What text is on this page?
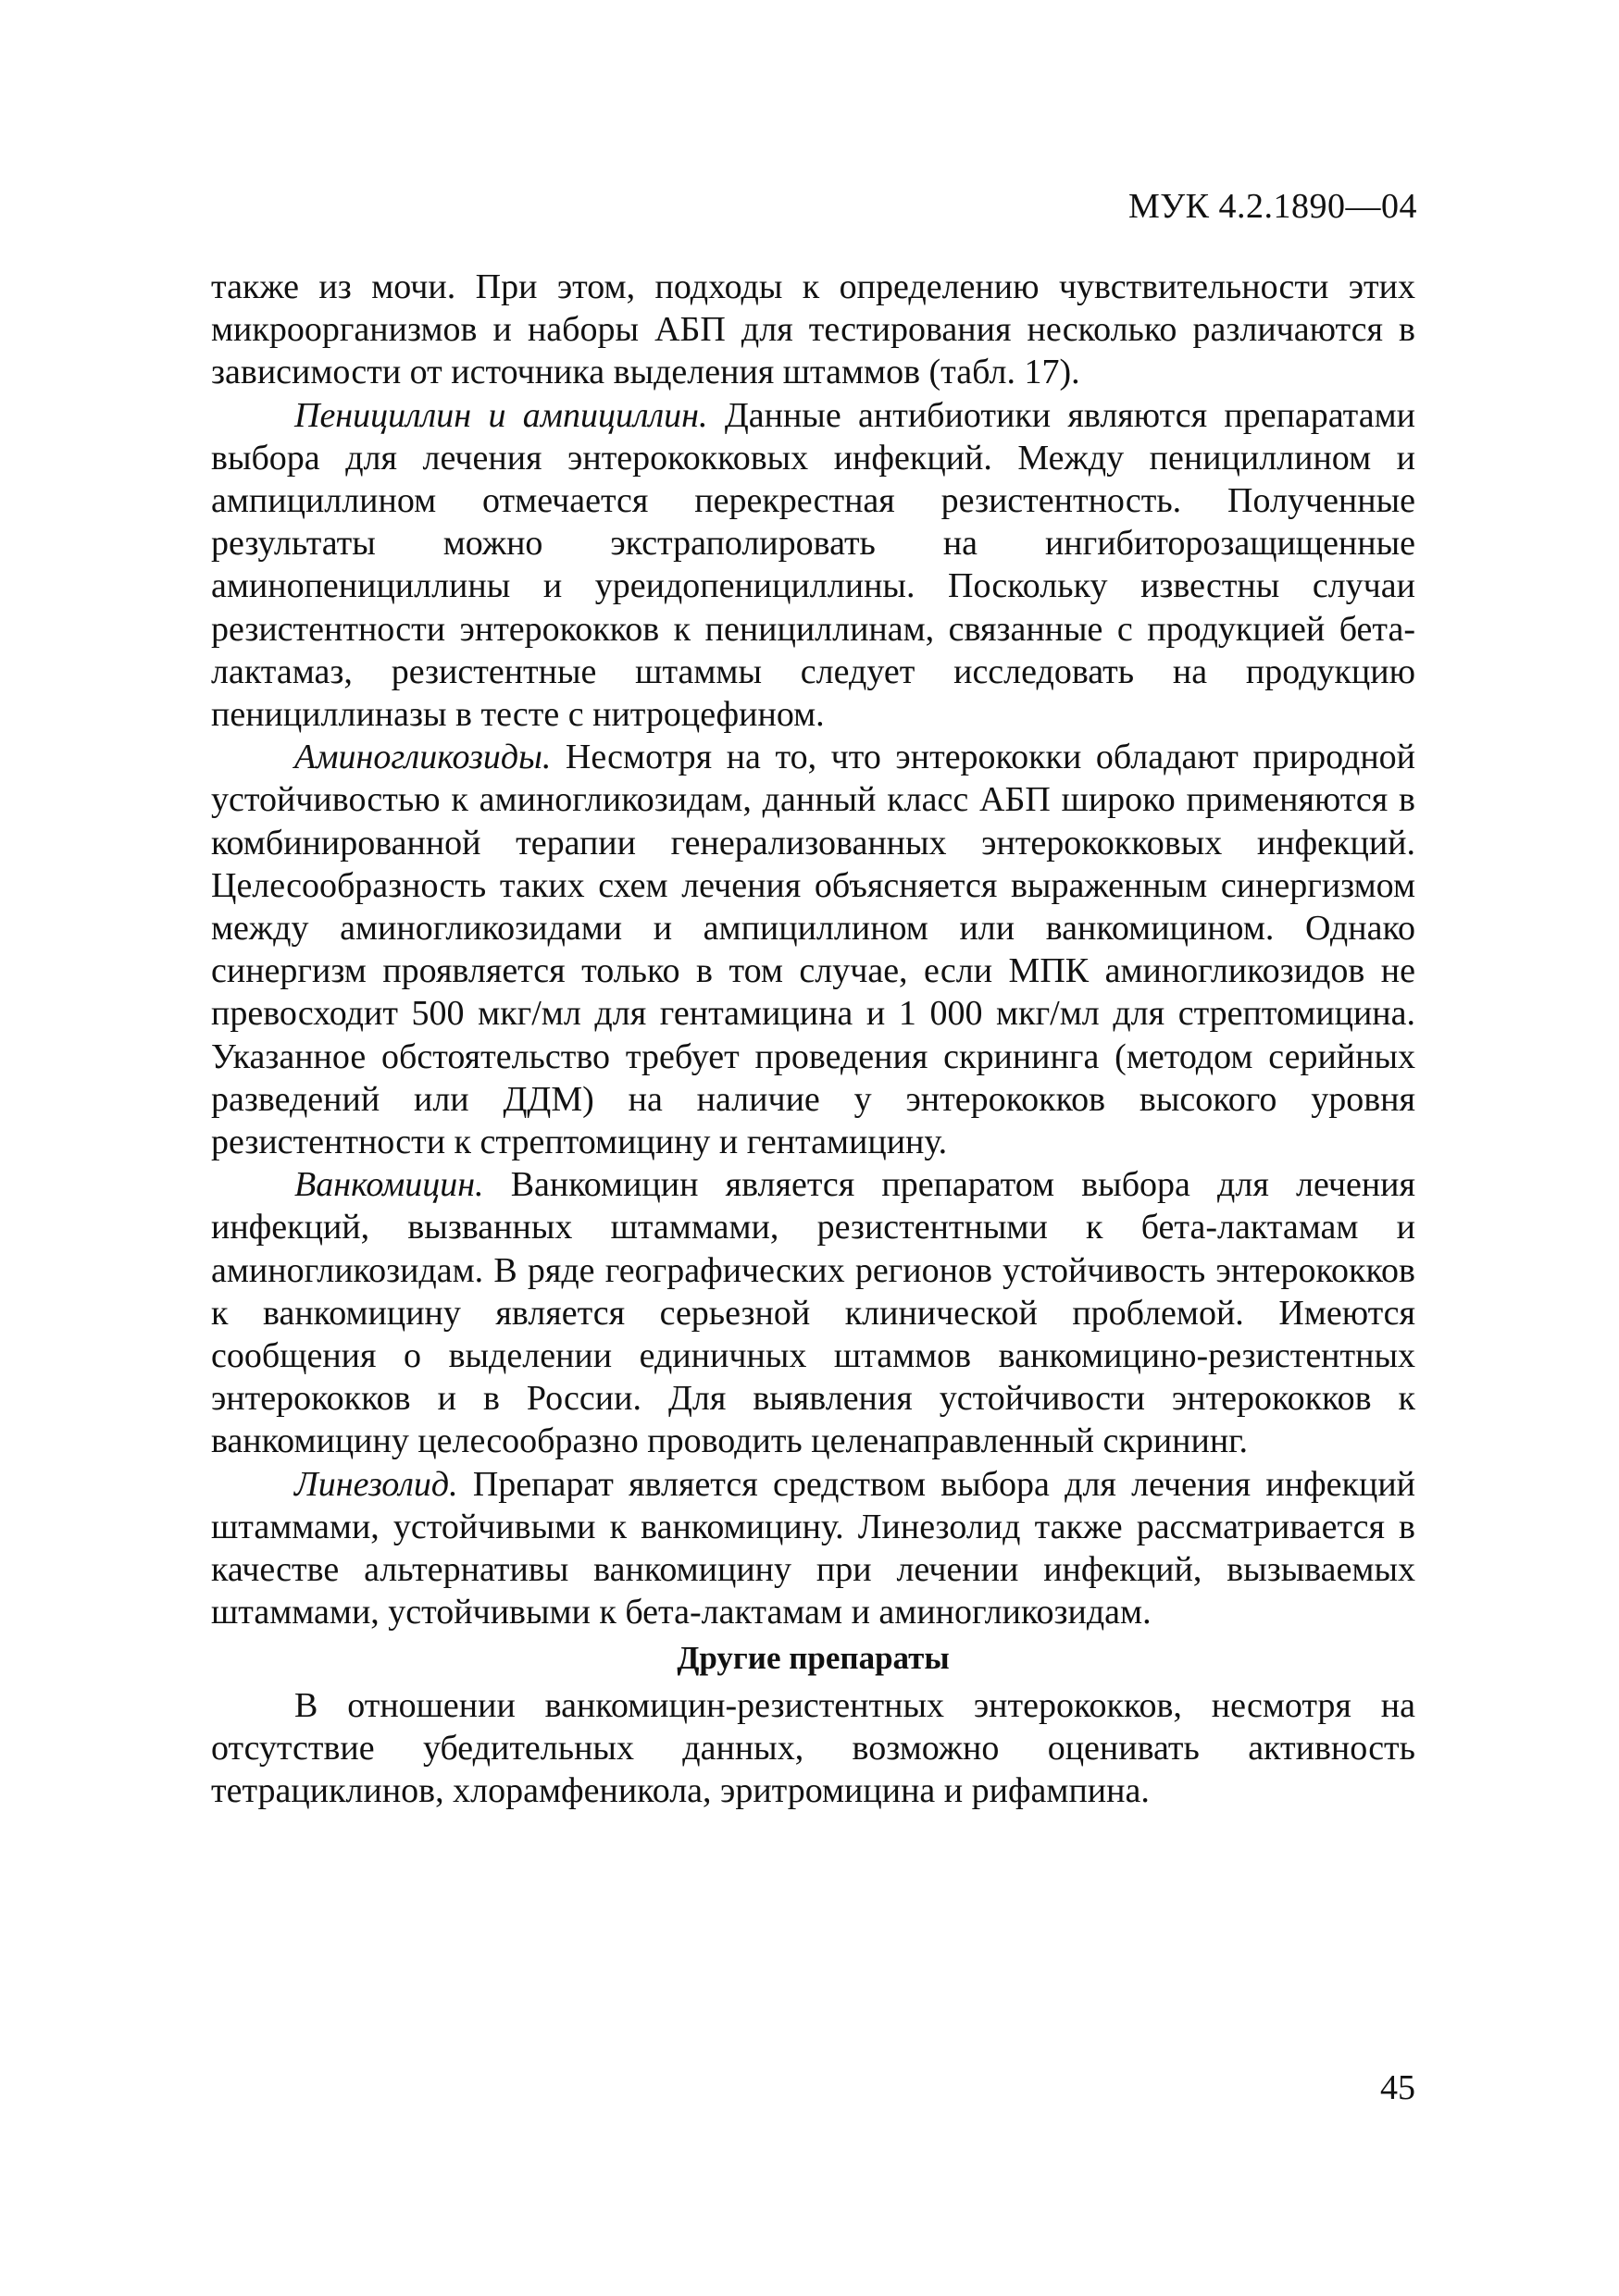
МУК 4.2.1890—04

также из мочи. При этом, подходы к определению чувствительности этих микроорганизмов и наборы АБП для тестирования несколько различаются в зависимости от источника выделения штаммов (табл. 17).

Пенициллин и ампициллин. Данные антибиотики являются препаратами выбора для лечения энтерококковых инфекций. Между пенициллином и ампициллином отмечается перекрестная резистентность. Полученные результаты можно экстраполировать на ингибиторозащищенные аминопенициллины и уреидопенициллины. Поскольку известны случаи резистентности энтерококков к пенициллинам, связанные с продукцией бета-лактамаз, резистентные штаммы следует исследовать на продукцию пенициллиназы в тесте с нитроцефином.

Аминогликозиды. Несмотря на то, что энтерококки обладают природной устойчивостью к аминогликозидам, данный класс АБП широко применяются в комбинированной терапии генерализованных энтерококковых инфекций. Целесообразность таких схем лечения объясняется выраженным синергизмом между аминогликозидами и ампициллином или ванкомицином. Однако синергизм проявляется только в том случае, если МПК аминогликозидов не превосходит 500 мкг/мл для гентамицина и 1 000 мкг/мл для стрептомицина. Указанное обстоятельство требует проведения скрининга (методом серийных разведений или ДДМ) на наличие у энтерококков высокого уровня резистентности к стрептомицину и гентамицину.

Ванкомицин. Ванкомицин является препаратом выбора для лечения инфекций, вызванных штаммами, резистентными к бета-лактамам и аминогликозидам. В ряде географических регионов устойчивость энтерококков к ванкомицину является серьезной клинической проблемой. Имеются сообщения о выделении единичных штаммов ванкомицино-резистентных энтерококков и в России. Для выявления устойчивости энтерококков к ванкомицину целесообразно проводить целенаправленный скрининг.

Линезолид. Препарат является средством выбора для лечения инфекций штаммами, устойчивыми к ванкомицину. Линезолид также рассматривается в качестве альтернативы ванкомицину при лечении инфекций, вызываемых штаммами, устойчивыми к бета-лактамам и аминогликозидам.

Другие препараты

В отношении ванкомицин-резистентных энтерококков, несмотря на отсутствие убедительных данных, возможно оценивать активность тетрациклинов, хлорамфеникола, эритромицина и рифампина.

45
